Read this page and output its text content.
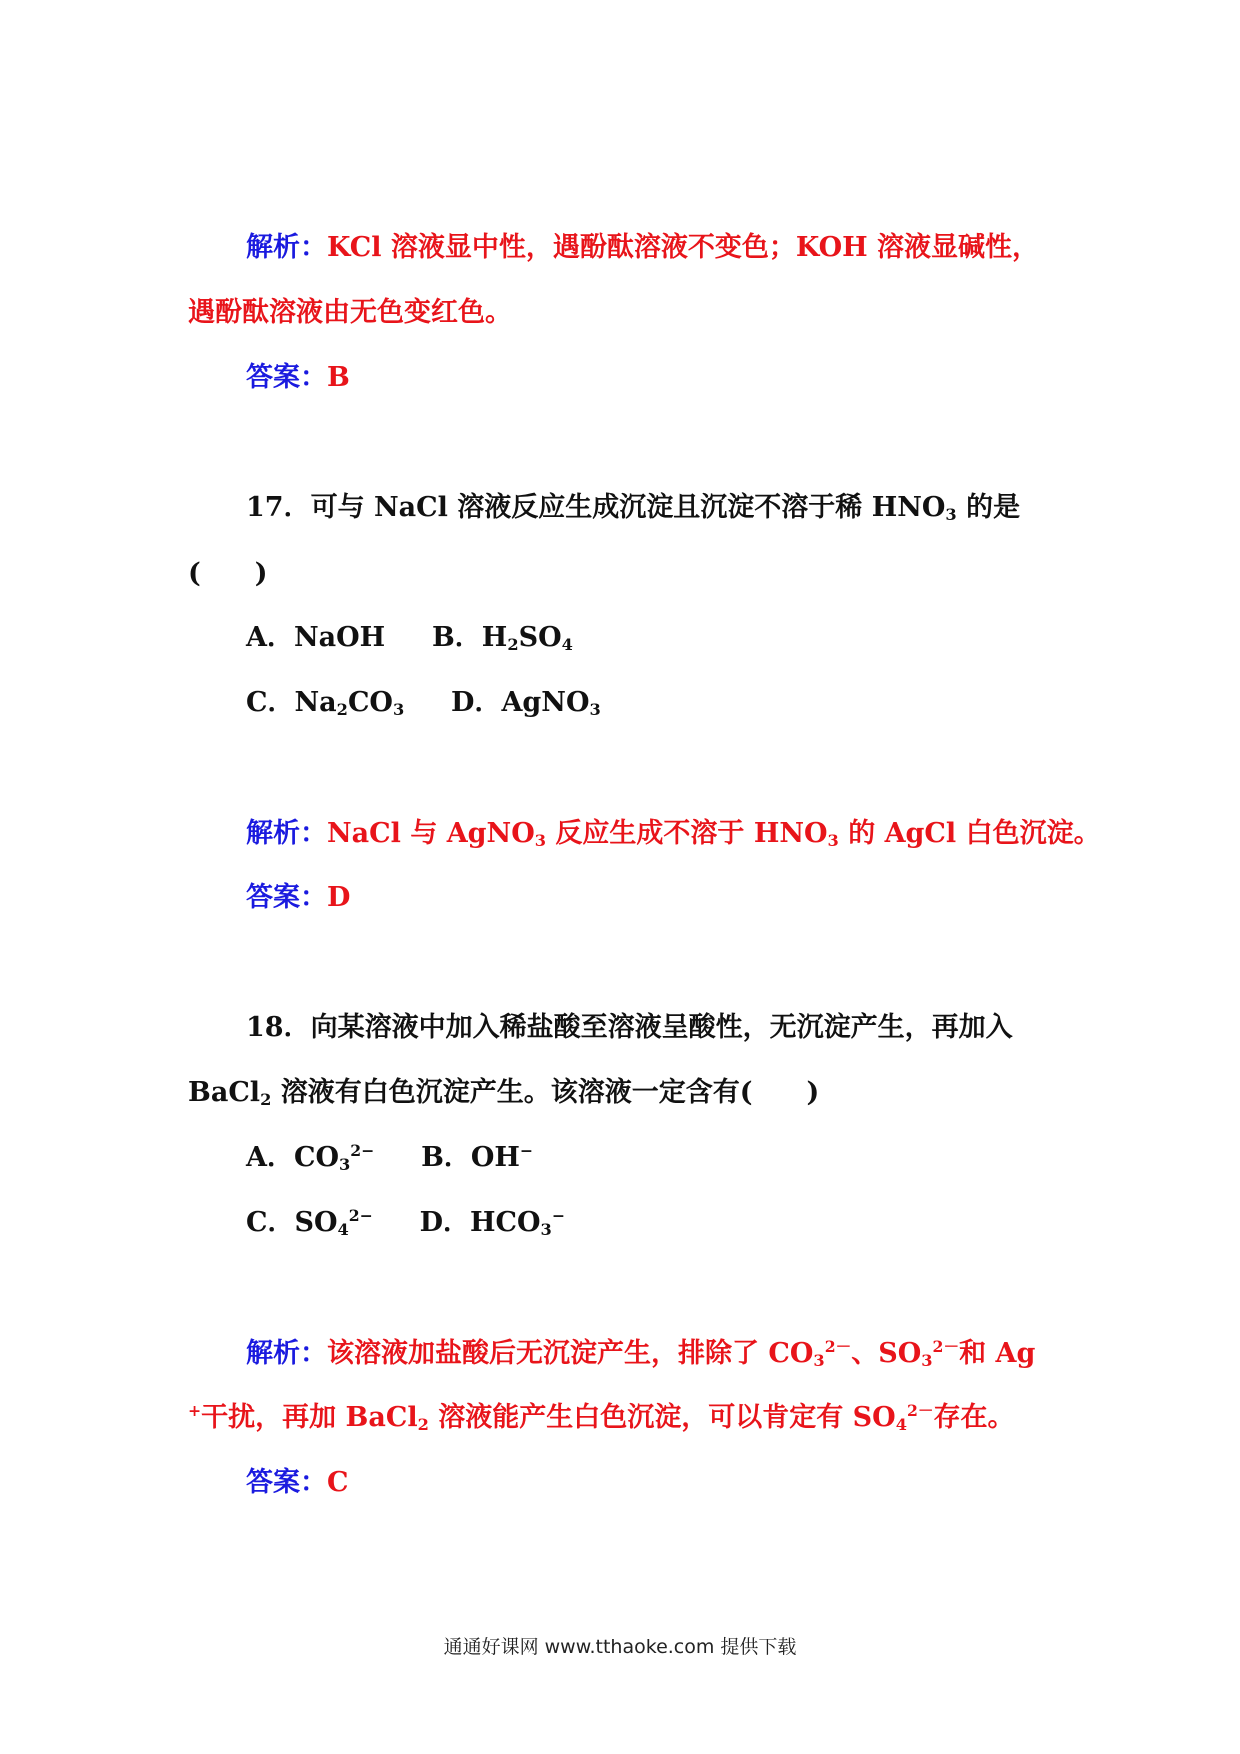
解析：KCl 溶液显中性，遇酚酞溶液不变色；KOH 溶液显碱性，
遇酚酞溶液由无色变红色。
答案：B
17．可与 NaCl 溶液反应生成沉淀且沉淀不溶于稀 $HNO_3$ 的是
(　　)
A．NaOH B．$H_2SO_4$
C．$Na_2CO_3$ D．AgNO$_3$
解析：NaCl 与 AgNO$_3$ 反应生成不溶于 $HNO_3$ 的 AgCl 白色沉淀。
答案：D
18．向某溶液中加入稀盐酸至溶液呈酸性，无沉淀产生，再加入
BaCl$_2$ 溶液有白色沉淀产生。该溶液一定含有(　　)
A．$CO_3^{2-}$ B．OH−
C．$SO_4^{2-}$ D．$HCO_3^-$
解析：该溶液加盐酸后无沉淀产生，排除了 $CO_3^{2-}$、$SO_3^{2-}$和 Ag
+干扰，再加 BaCl$_2$ 溶液能产生白色沉淀，可以肯定有 $SO_4^{2-}$存在。
答案：C
通通好课网 www.tthaoke.com 提供下载
